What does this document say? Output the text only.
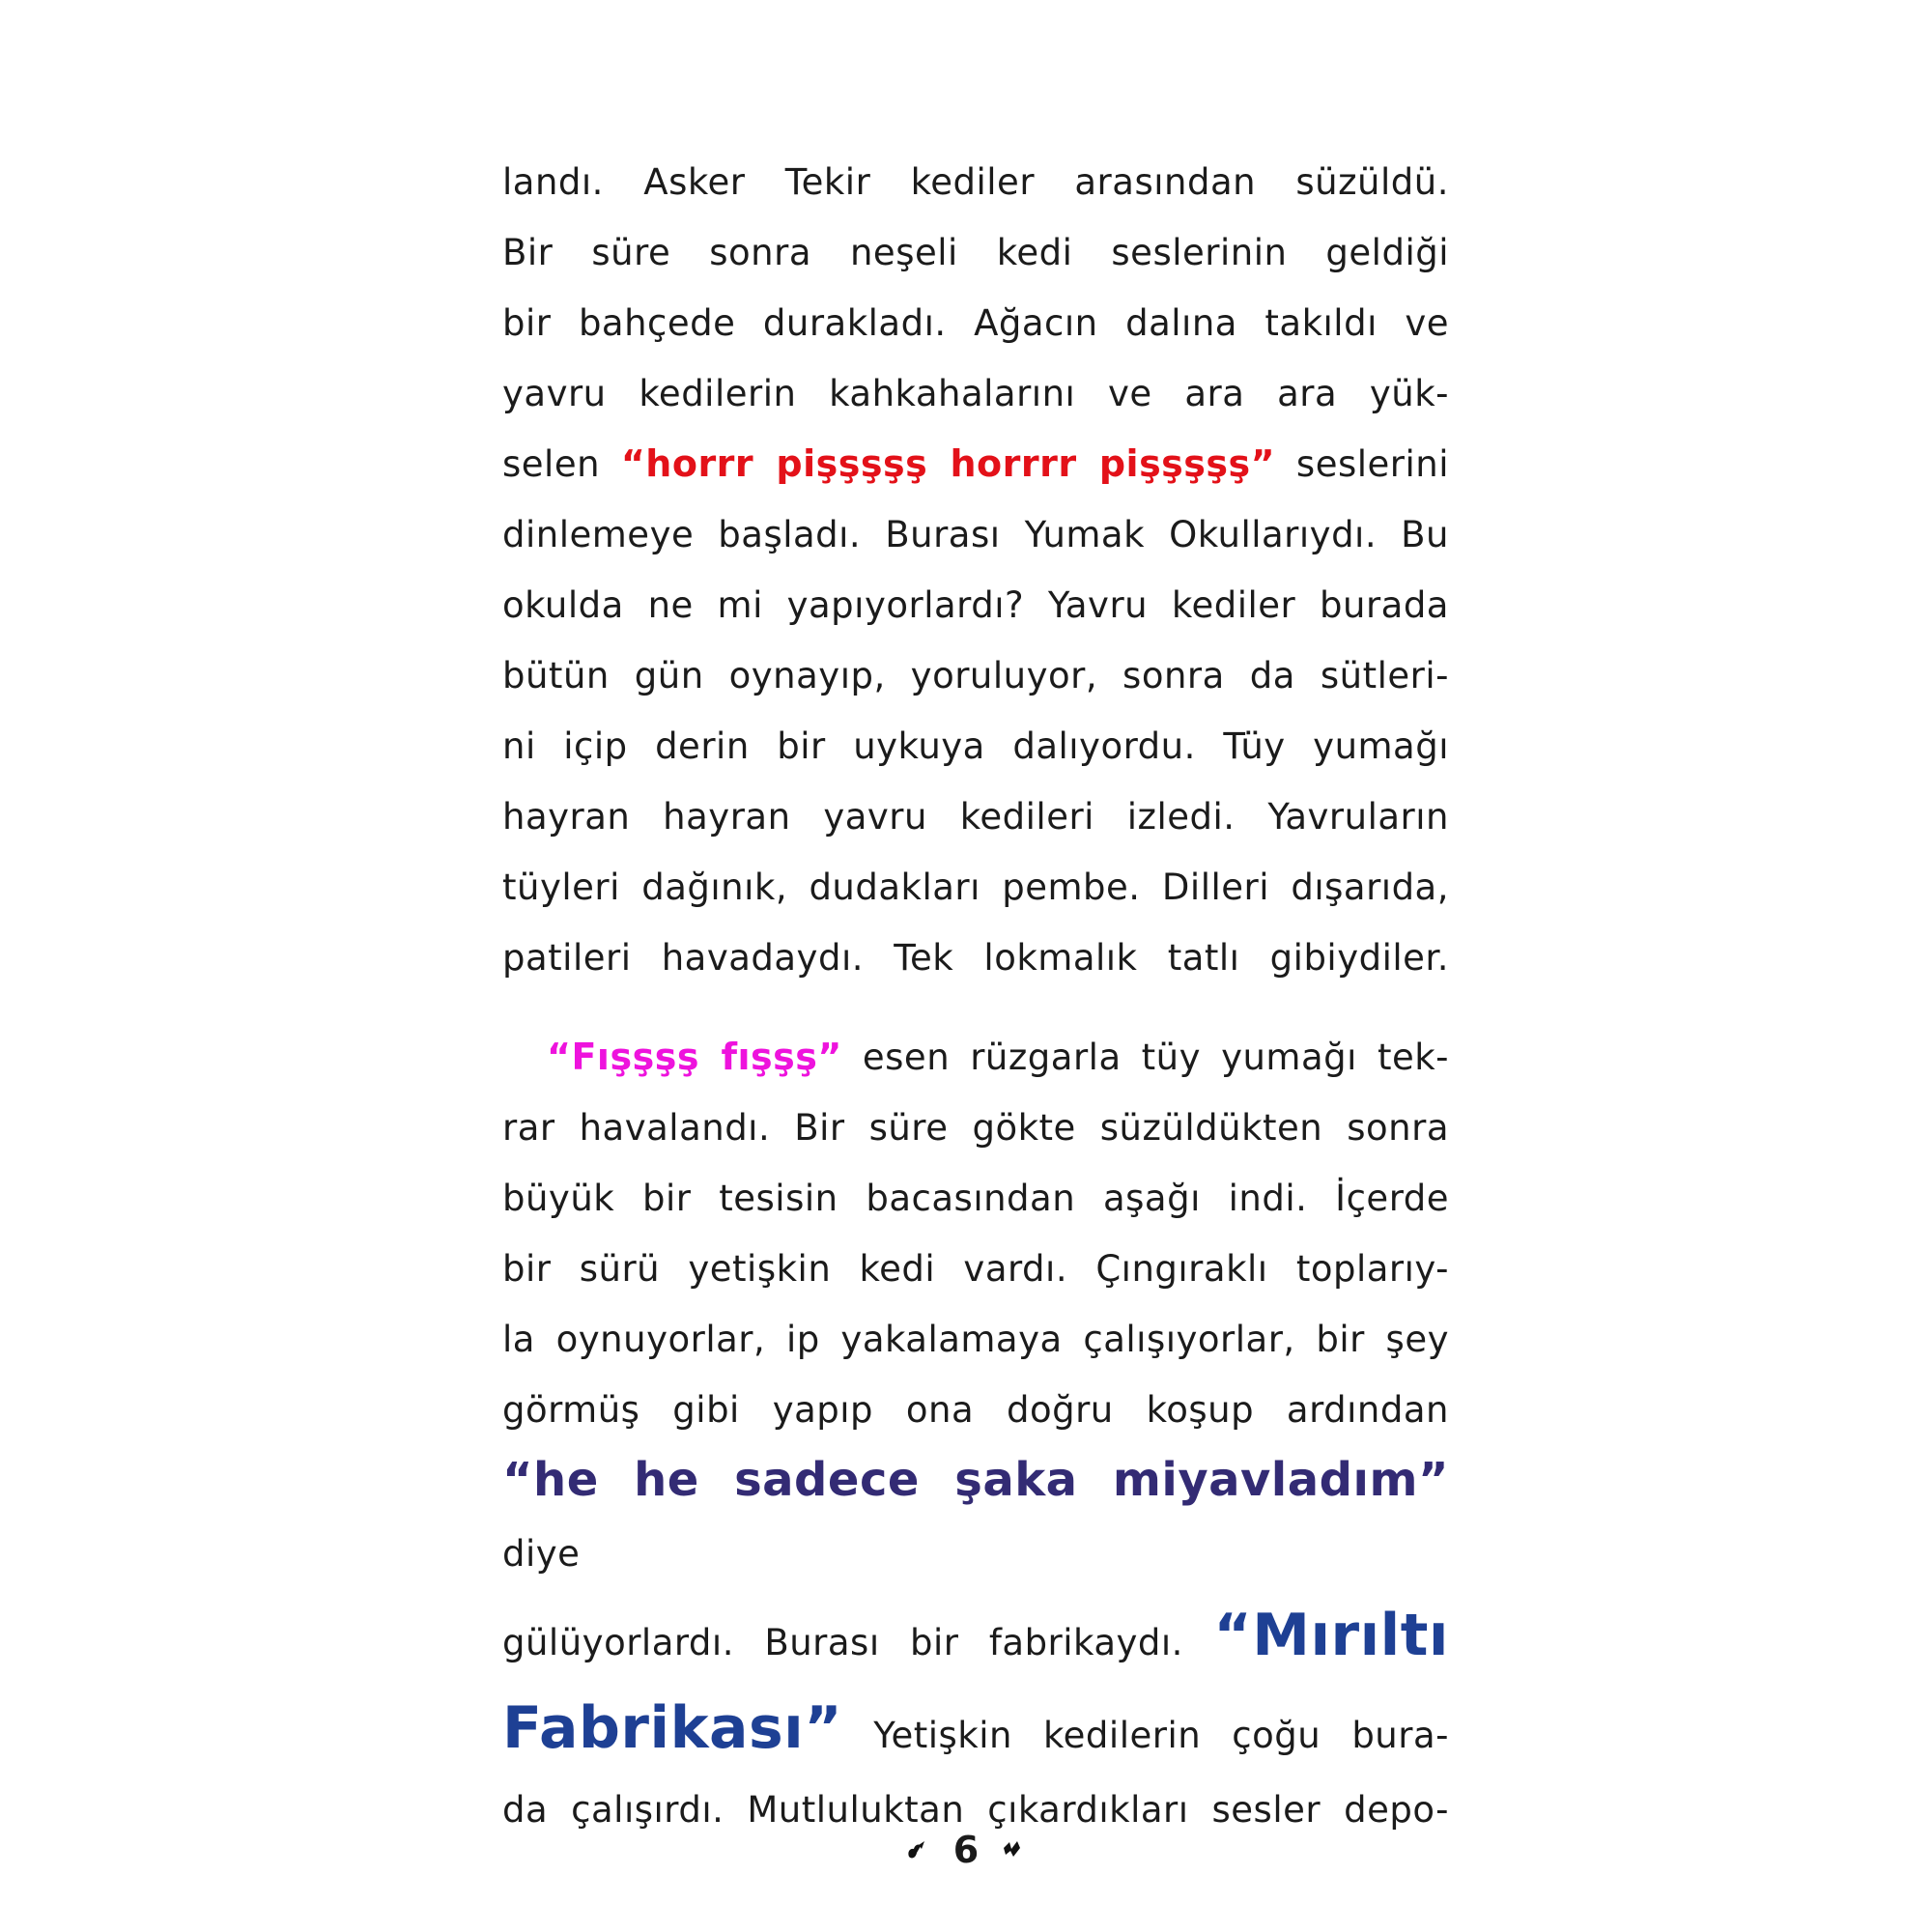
landı. Asker Tekir kediler arasından süzüldü.
Bir süre sonra neşeli kedi seslerinin geldiği
bir bahçede durakladı. Ağacın dalına takıldı ve
yavru kedilerin kahkahalarını ve ara ara yük-
selen “horrr pişşşşş horrrr pişşşşş” seslerini
dinlemeye başladı. Burası Yumak Okullarıydı. Bu
okulda ne mi yapıyorlardı? Yavru kediler burada
bütün gün oynayıp, yoruluyor, sonra da sütleri-
ni içip derin bir uykuya dalıyordu. Tüy yumağı
hayran hayran yavru kedileri izledi. Yavruların
tüyleri dağınık, dudakları pembe. Dilleri dışarıda,
patileri havadaydı. Tek lokmalık tatlı gibiydiler.
“Fışşşş fışşş” esen rüzgarla tüy yumağı tek-
rar havalandı. Bir süre gökte süzüldükten sonra
büyük bir tesisin bacasından aşağı indi. İçerde
bir sürü yetişkin kedi vardı. Çıngıraklı toplarıy-
la oynuyorlar, ip yakalamaya çalışıyorlar, bir şey
görmüş gibi yapıp ona doğru koşup ardından
“he he sadece şaka miyavladım” diye
gülüyorlardı. Burası bir fabrikaydı. “Mırıltı
Fabrikası” Yetişkin kedilerin çoğu bura-
da çalışırdı. Mutluluktan çıkardıkları sesler depo-
6
